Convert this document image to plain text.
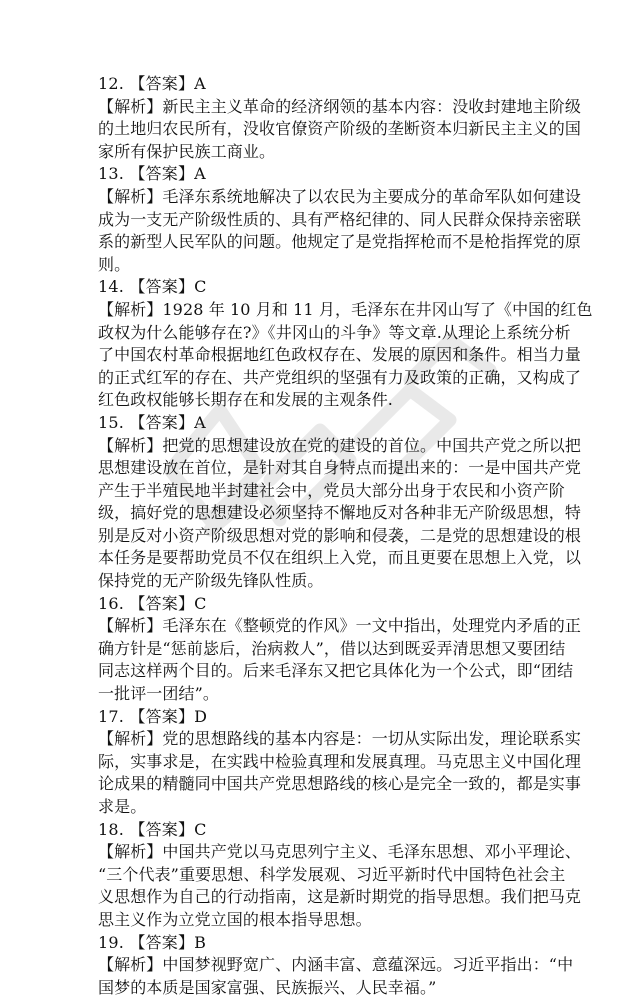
12. 【答案】A
【解析】新民主主义革命的经济纲领的基本内容：没收封建地主阶级
的土地归农民所有，没收官僚资产阶级的垄断资本归新民主主义的国
家所有保护民族工商业。
13. 【答案】A
【解析】毛泽东系统地解决了以农民为主要成分的革命军队如何建设
成为一支无产阶级性质的、具有严格纪律的、同人民群众保持亲密联
系的新型人民军队的问题。他规定了是党指挥枪而不是枪指挥党的原
则。
14. 【答案】C
【解析】1928 年 10 月和 11 月，毛泽东在井冈山写了《中国的红色
政权为什么能够存在?》《井冈山的斗争》等文章.从理论上系统分析
了中国农村革命根据地红色政权存在、发展的原因和条件。相当力量
的正式红军的存在、共产党组织的坚强有力及政策的正确，又构成了
红色政权能够长期存在和发展的主观条件.
15. 【答案】A
【解析】把党的思想建设放在党的建设的首位。中国共产党之所以把
思想建设放在首位，是针对其自身特点而提出来的：一是中国共产党
产生于半殖民地半封建社会中，党员大部分出身于农民和小资产阶
级，搞好党的思想建设必须坚持不懈地反对各种非无产阶级思想，特
别是反对小资产阶级思想对党的影响和侵袭，二是党的思想建设的根
本任务是要帮助党员不仅在组织上入党，而且更要在思想上入党，以
保持党的无产阶级先锋队性质。
16. 【答案】C
【解析】毛泽东在《整顿党的作风》一文中指出，处理党内矛盾的正
确方针是“惩前毖后，治病救人”，借以达到既妥弄清思想又要团结
同志这样两个目的。后来毛泽东又把它具体化为一个公式，即“团结
一批评一团结”。
17. 【答案】D
【解析】党的思想路线的基本内容是：一切从实际出发，理论联系实
际，实事求是，在实践中检验真理和发展真理。马克思主义中国化理
论成果的精髓同中国共产党思想路线的核心是完全一致的，都是实事
求是。
18. 【答案】C
【解析】中国共产党以马克思列宁主义、毛泽东思想、邓小平理论、
“三个代表”重要思想、科学发展观、习近平新时代中国特色社会主
义思想作为自己的行动指南，这是新时期党的指导思想。我们把马克
思主义作为立党立国的根本指导思想。
19. 【答案】B
【解析】中国梦视野宽广、内涵丰富、意蕴深远。习近平指出：“中
国梦的本质是国家富强、民族振兴、人民幸福。”
